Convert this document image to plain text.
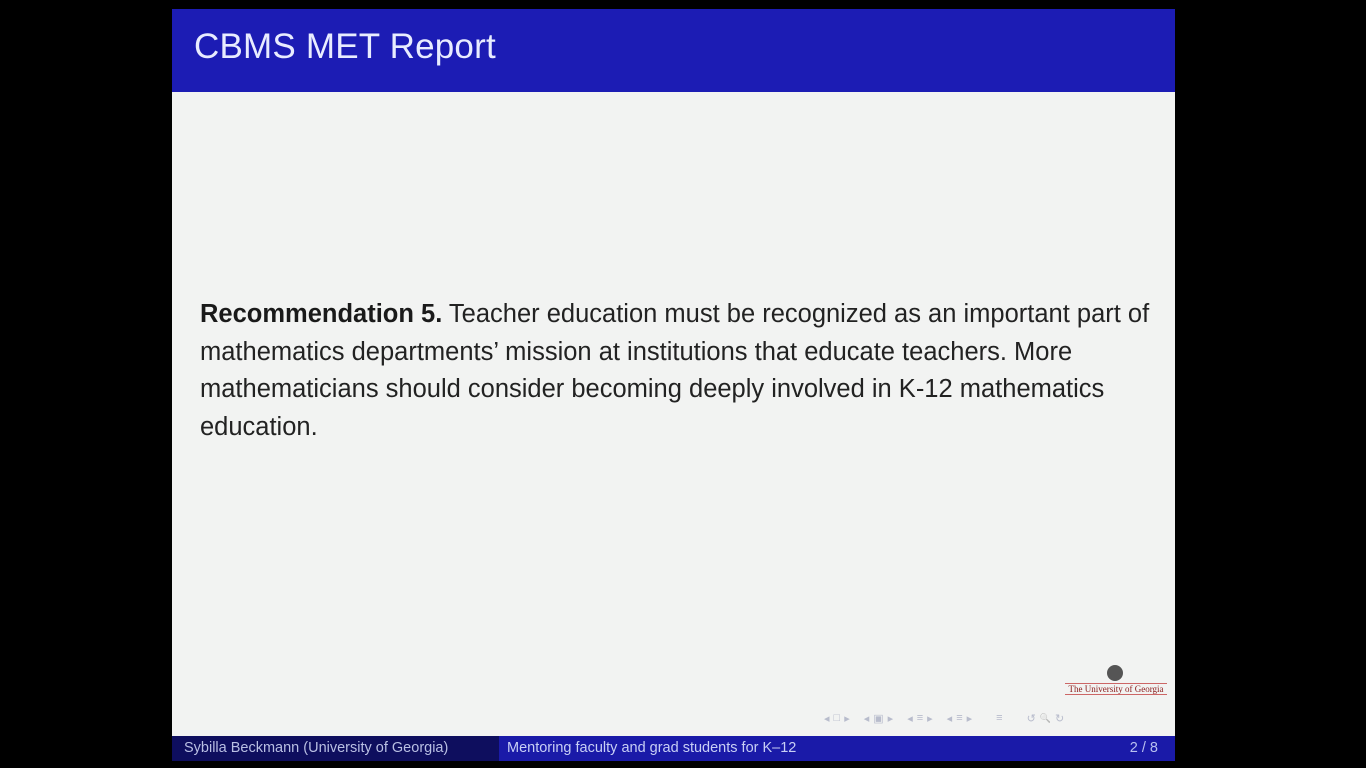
CBMS MET Report
Recommendation 5. Teacher education must be recognized as an important part of mathematics departments’ mission at institutions that educate teachers. More mathematicians should consider becoming deeply involved in K-12 mathematics education.
The University of Georgia
◂ □ ▸ ◂ ▣ ▸ ◂ ≡ ▸ ◂ ≡ ▸ ≡ ↺ 🔍 ↻
Sybilla Beckmann (University of Georgia)	Mentoring faculty and grad students for K–12	2 / 8
